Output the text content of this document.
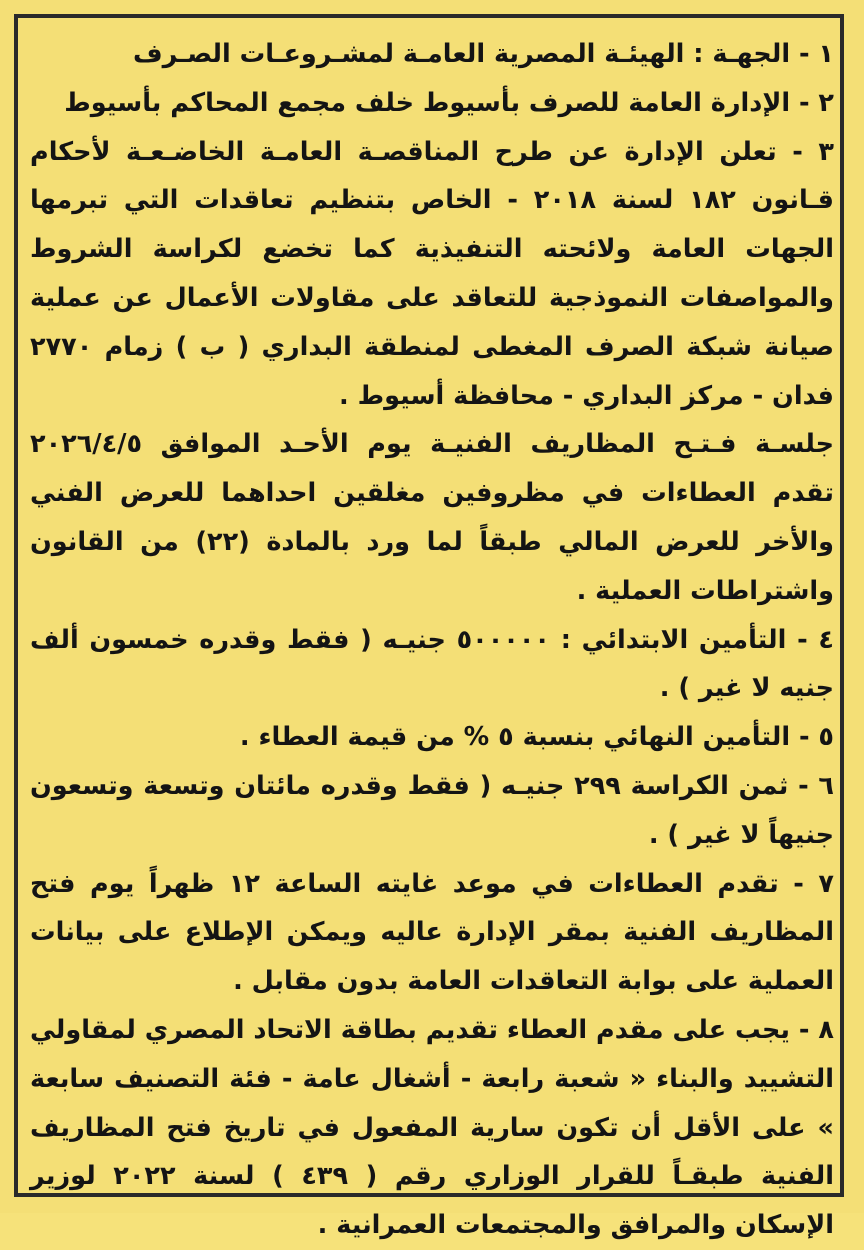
١ - الجهـة : الهيئـة المصرية العامـة لمشـروعـات الصـرف

٢ - الإدارة العامة للصرف بأسيوط خلف مجمع المحاكم بأسيوط

٣ - تعلن الإدارة عن طرح المناقصـة العامـة الخاضـعـة لأحكام قـانون ١٨٢ لسنة ٢٠١٨ - الخاص بتنظيم تعاقدات التي تبرمها الجهات العامة ولائحته التنفيذية كما تخضع لكراسة الشروط والمواصفات النموذجية للتعاقد على مقاولات الأعمال عن عملية صيانة شبكة الصرف المغطى لمنطقة البداري ( ب ) زمام ٢٧٧٠ فدان - مركز البداري - محافظة أسيوط .

جلسـة فـتـح المظاريف الفنيـة يوم الأحـد الموافق ٢٠٢٦/٤/٥ تقدم العطاءات في مظروفين مغلقين احداهما للعرض الفني والأخر للعرض المالي طبقاً لما ورد بالمادة (٢٢) من القانون واشتراطات العملية .

٤ - التأمين الابتدائي : ٥٠٠٠٠٠ جنيـه ( فقط وقدره خمسون ألف جنيه لا غير ) .

٥ - التأمين النهائي بنسبة ٥ % من قيمة العطاء .

٦ - ثمن الكراسة ٢٩٩ جنيـه ( فقط وقدره مائتان وتسعة وتسعون جنيهاً لا غير ) .

٧ - تقدم العطاءات في موعد غايته الساعة ١٢ ظهراً يوم فتح المظاريف الفنية بمقر الإدارة عاليه ويمكن الإطلاع على بيانات العملية على بوابة التعاقدات العامة بدون مقابل .

٨ - يجب على مقدم العطاء تقديم بطاقة الاتحاد المصري لمقاولي التشييد والبناء « شعبة رابعة - أشغال عامة - فئة التصنيف سابعة » على الأقل أن تكون سارية المفعول في تاريخ فتح المظاريف الفنية طبقـاً للقرار الوزاري رقم ( ٤٣٩ ) لسنة ٢٠٢٢ لوزير الإسكان والمرافق والمجتمعات العمرانية .
